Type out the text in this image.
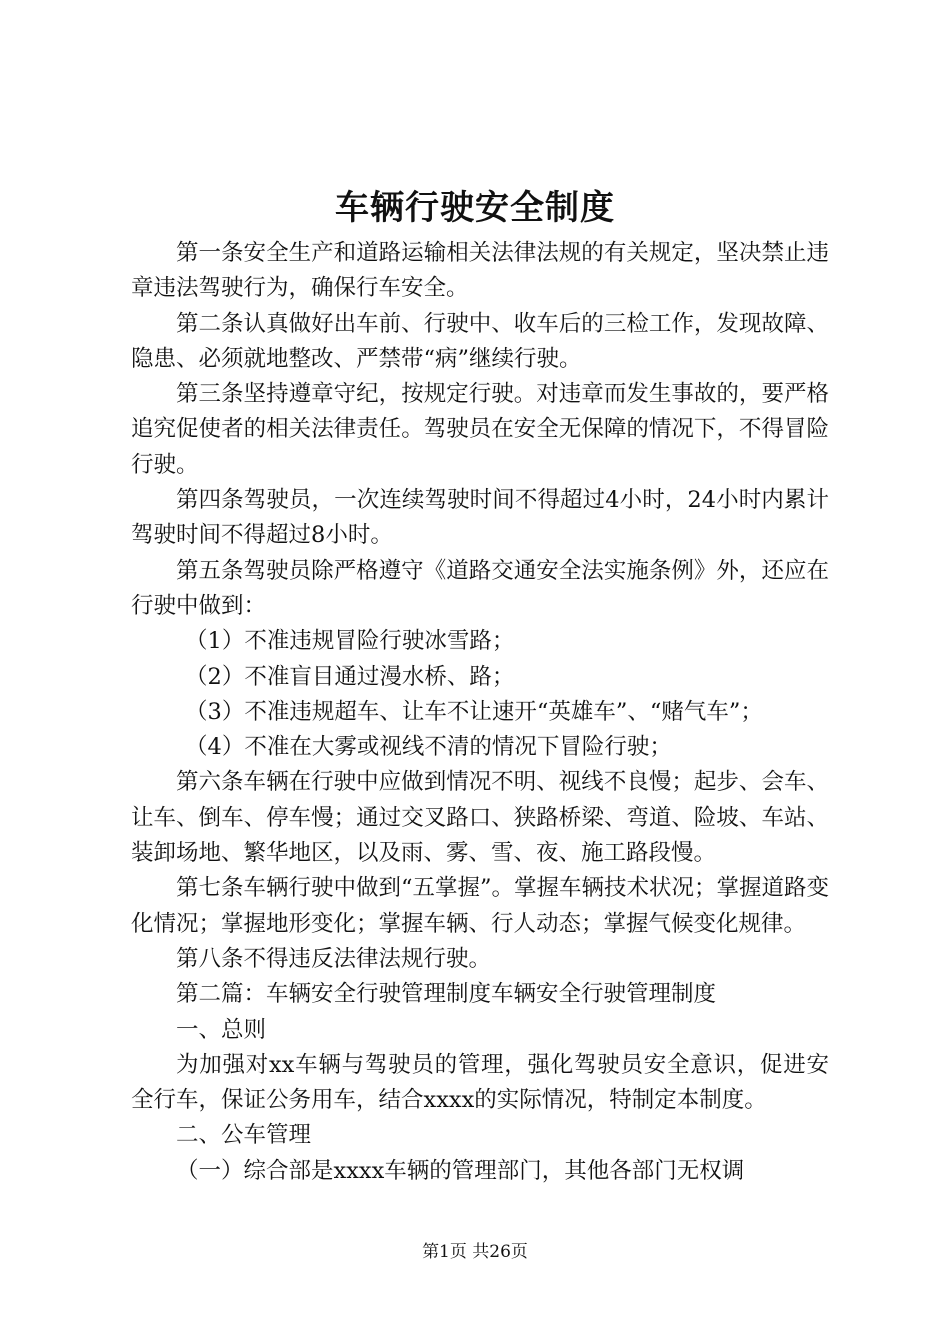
车辆行驶安全制度

第一条安全生产和道路运输相关法律法规的有关规定，坚决禁止违章违法驾驶行为，确保行车安全。

第二条认真做好出车前、行驶中、收车后的三检工作，发现故障、隐患、必须就地整改、严禁带“病”继续行驶。

第三条坚持遵章守纪，按规定行驶。对违章而发生事故的，要严格追究促使者的相关法律责任。驾驶员在安全无保障的情况下，不得冒险行驶。

第四条驾驶员，一次连续驾驶时间不得超过4小时，24小时内累计驾驶时间不得超过8小时。

第五条驾驶员除严格遵守《道路交通安全法实施条例》外，还应在行驶中做到：

（1）不准违规冒险行驶冰雪路；

（2）不准盲目通过漫水桥、路；

（3）不准违规超车、让车不让速开“英雄车”、“赌气车”；

（4）不准在大雾或视线不清的情况下冒险行驶；

第六条车辆在行驶中应做到情况不明、视线不良慢；起步、会车、让车、倒车、停车慢；通过交叉路口、狭路桥梁、弯道、险坡、车站、装卸场地、繁华地区，以及雨、雾、雪、夜、施工路段慢。

第七条车辆行驶中做到“五掌握”。掌握车辆技术状况；掌握道路变化情况；掌握地形变化；掌握车辆、行人动态；掌握气候变化规律。

第八条不得违反法律法规行驶。

第二篇：车辆安全行驶管理制度车辆安全行驶管理制度

一、总则

为加强对xx车辆与驾驶员的管理，强化驾驶员安全意识，促进安全行车，保证公务用车，结合xxxx的实际情况，特制定本制度。

二、公车管理

（一）综合部是xxxx车辆的管理部门，其他各部门无权调

第1页 共26页
